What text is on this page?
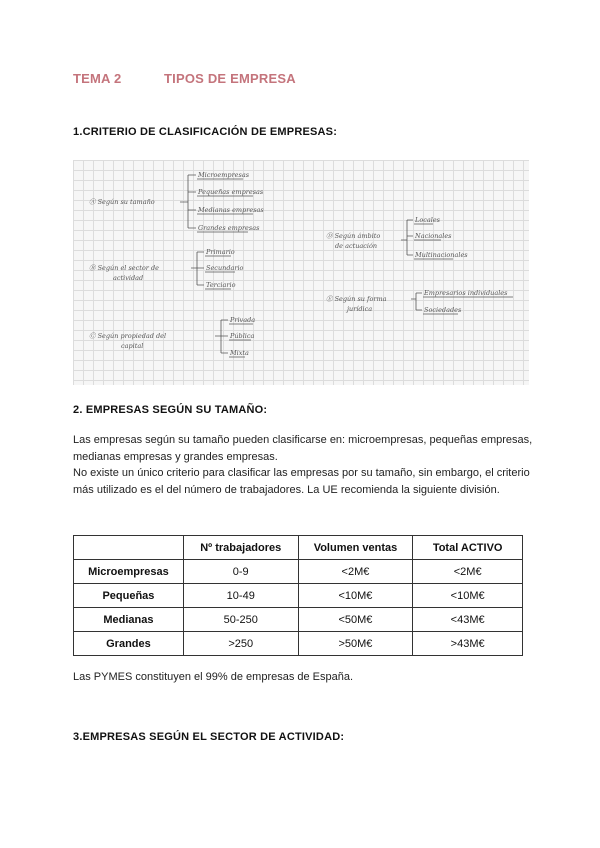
TEMA 2	TIPOS DE EMPRESA
1.CRITERIO DE CLASIFICACIÓN DE EMPRESAS:
Ⓐ Según su tamaño
Microempresas
Pequeñas empresas
Medianas empresas
Grandes empresas
Ⓑ Según el sector de
actividad
Primario
Secundario
Terciario
Ⓒ Según propiedad del
capital
Privada
Pública
Mixta
Ⓓ Según ámbito
de actuación
Locales
Nacionales
Multinacionales
Ⓔ Según su forma
jurídica
Empresarios individuales
Sociedades
2. EMPRESAS SEGÚN SU TAMAÑO:

Las empresas según su tamaño pueden clasificarse en: microempresas, pequeñas empresas, medianas empresas y grandes empresas.

No existe un único criterio para clasificar las empresas por su tamaño, sin embargo, el criterio más utilizado es el del número de trabajadores. La UE recomienda la siguiente división.

	Nº trabajadores	Volumen ventas	Total ACTIVO
Microempresas	0-9	<2M€	<2M€
Pequeñas	10-49	<10M€	<10M€
Medianas	50-250	<50M€	<43M€
Grandes	>250	>50M€	>43M€
Las PYMES constituyen el 99% de empresas de España.
3.EMPRESAS SEGÚN EL SECTOR DE ACTIVIDAD:
